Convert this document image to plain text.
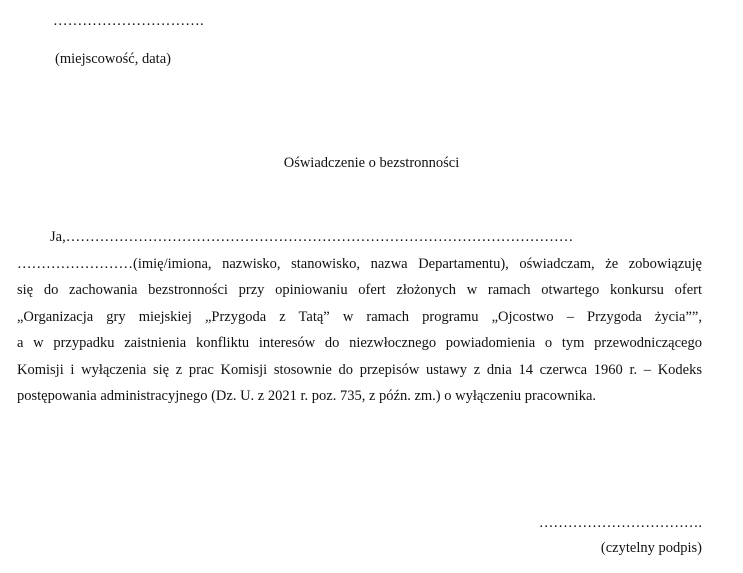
………………………….
(miejscowość, data)
Oświadczenie o bezstronności
Ja,……………………………………………………………………………………………
……………………(imię/imiona, nazwisko, stanowisko, nazwa Departamentu), oświadczam, że zobowiązuję
się do zachowania bezstronności przy opiniowaniu ofert złożonych w ramach otwartego konkursu ofert
„Organizacja gry miejskiej „Przygoda z Tatą” w ramach programu „Ojcostwo – Przygoda życia””,
a w przypadku zaistnienia konfliktu interesów do niezwłocznego powiadomienia o tym przewodniczącego
Komisji i wyłączenia się z prac Komisji stosownie do przepisów ustawy z dnia 14 czerwca 1960 r. – Kodeks
postępowania administracyjnego (Dz. U. z 2021 r. poz. 735, z późn. zm.) o wyłączeniu pracownika.
…………………………….
(czytelny podpis)
